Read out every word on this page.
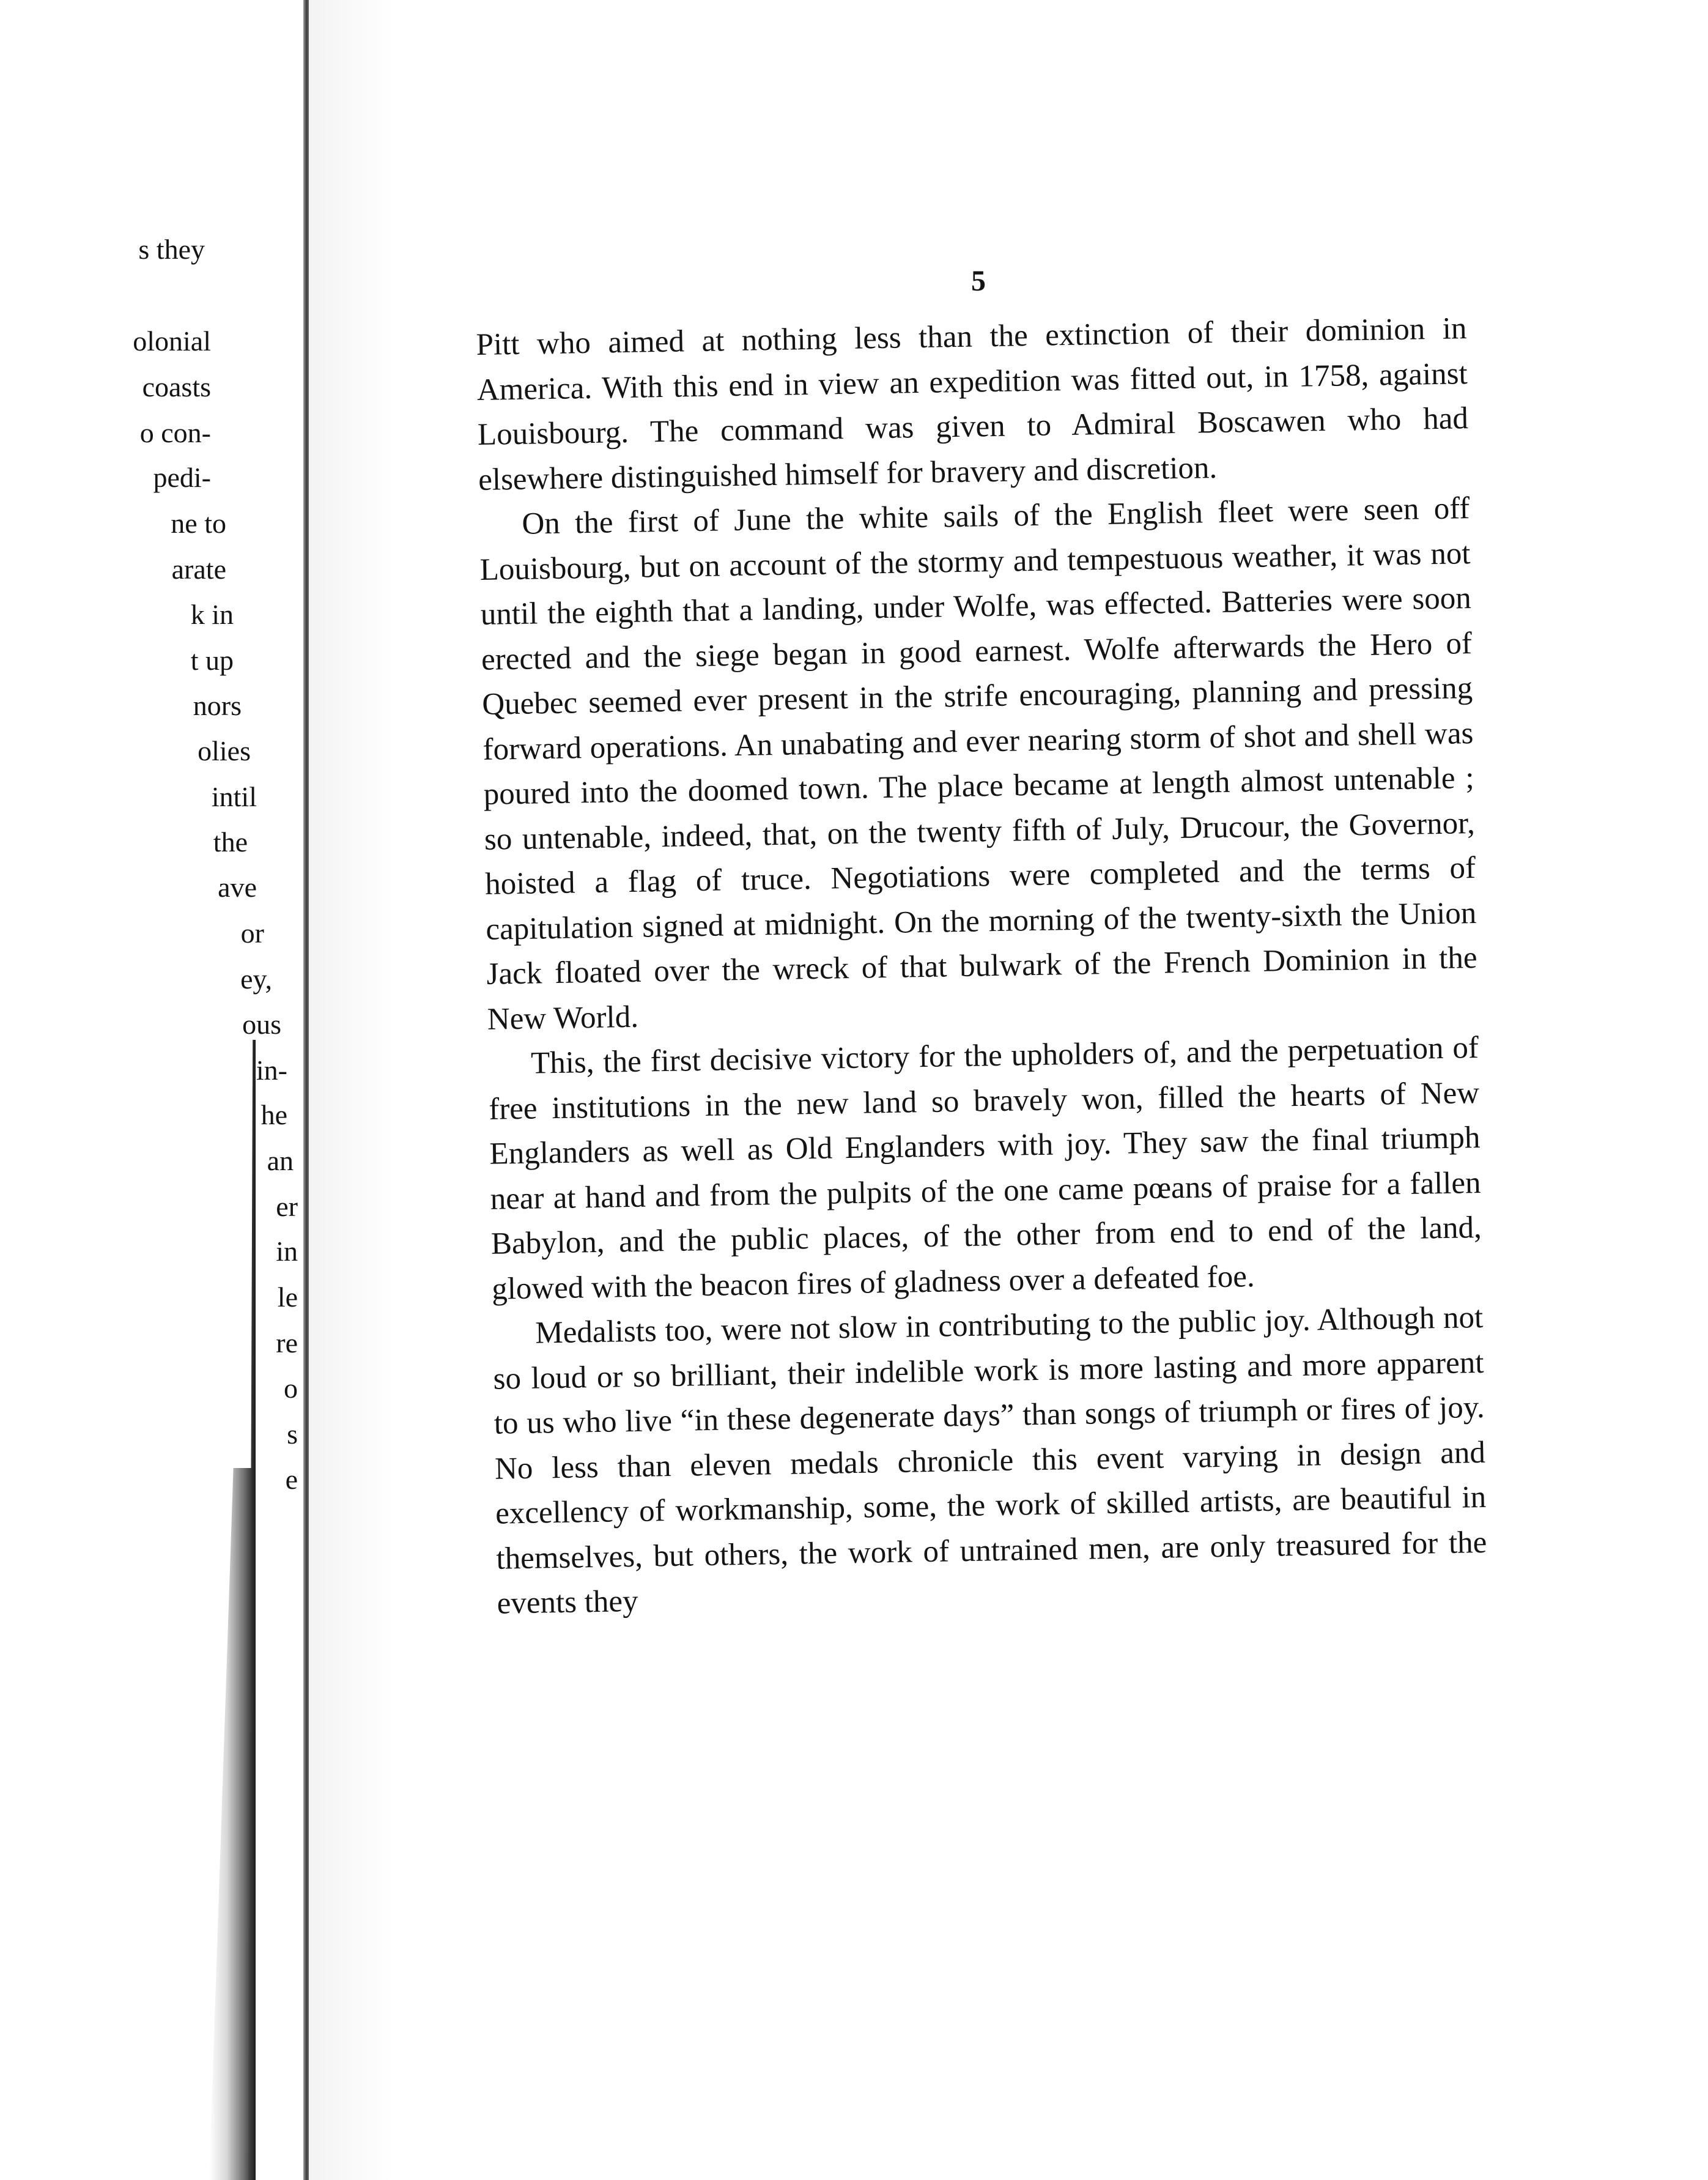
s they
olonial
coasts
o con-
pedi-
ne to
arate
k in
t up
nors
olies
intil
the
ave
or
ey,
ous
in-
he
an
er
in
le
re
o
s
e
5

Pitt who aimed at nothing less than the extinction of their dominion in America. With this end in view an expedition was fitted out, in 1758, against Louisbourg. The command was given to Admiral Boscawen who had elsewhere distinguished himself for bravery and discretion.

On the first of June the white sails of the English fleet were seen off Louisbourg, but on account of the stormy and tempestuous weather, it was not until the eighth that a landing, under Wolfe, was effected. Batteries were soon erected and the siege began in good earnest. Wolfe afterwards the Hero of Quebec seemed ever present in the strife encouraging, planning and pressing forward operations. An unabating and ever nearing storm of shot and shell was poured into the doomed town. The place became at length almost untenable ; so untenable, indeed, that, on the twenty fifth of July, Drucour, the Governor, hoisted a flag of truce. Negotiations were completed and the terms of capitulation signed at midnight. On the morning of the twenty-sixth the Union Jack floated over the wreck of that bulwark of the French Dominion in the New World.

This, the first decisive victory for the upholders of, and the perpetuation of free institutions in the new land so bravely won, filled the hearts of New Englanders as well as Old Englanders with joy. They saw the final triumph near at hand and from the pulpits of the one came pœans of praise for a fallen Babylon, and the public places, of the other from end to end of the land, glowed with the beacon fires of gladness over a defeated foe.

Medalists too, were not slow in contributing to the public joy. Although not so loud or so brilliant, their indelible work is more lasting and more apparent to us who live “in these degenerate days” than songs of triumph or fires of joy. No less than eleven medals chronicle this event varying in design and excellency of workmanship, some, the work of skilled artists, are beautiful in themselves, but others, the work of untrained men, are only treasured for the events they
